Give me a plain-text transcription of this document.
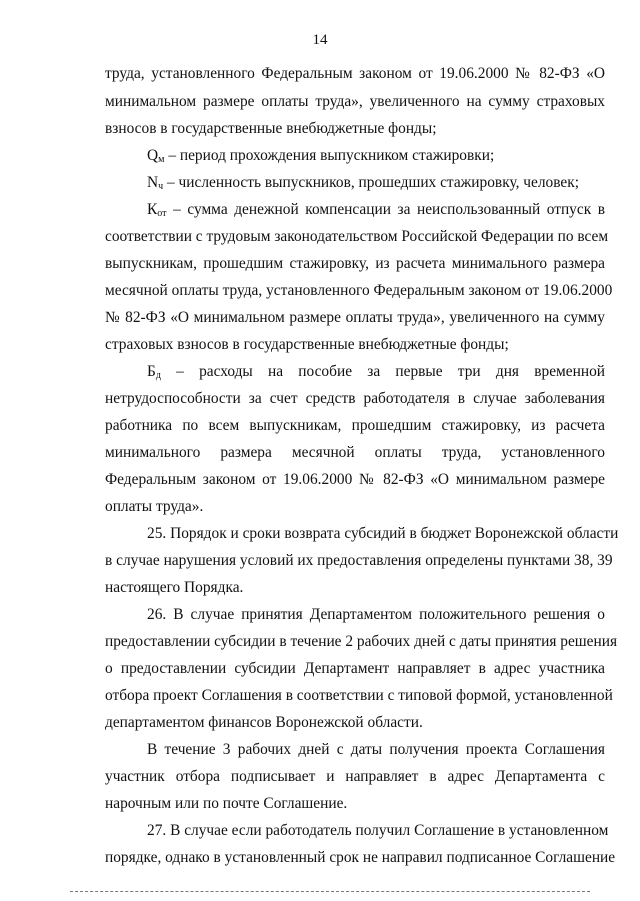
14
труда, установленного Федеральным законом от 19.06.2000 № 82-ФЗ «О
минимальном размере оплаты труда», увеличенного на сумму страховых
взносов в государственные внебюджетные фонды;
$Q_м$ – период прохождения выпускником стажировки;
$N_ч$ – численность выпускников, прошедших стажировку, человек;
$К_{от}$ – сумма денежной компенсации за неиспользованный отпуск в
соответствии с трудовым законодательством Российской Федерации по всем
выпускникам, прошедшим стажировку, из расчета минимального размера
месячной оплаты труда, установленного Федеральным законом от 19.06.2000
№ 82-ФЗ «О минимальном размере оплаты труда», увеличенного на сумму
страховых взносов в государственные внебюджетные фонды;
$Б_д$ – расходы на пособие за первые три дня временной
нетрудоспособности за счет средств работодателя в случае заболевания
работника по всем выпускникам, прошедшим стажировку, из расчета
минимального размера месячной оплаты труда, установленного
Федеральным законом от 19.06.2000 № 82-ФЗ «О минимальном размере
оплаты труда».
25. Порядок и сроки возврата субсидий в бюджет Воронежской области
в случае нарушения условий их предоставления определены пунктами 38, 39
настоящего Порядка.
26. В случае принятия Департаментом положительного решения о
предоставлении субсидии в течение 2 рабочих дней с даты принятия решения
о предоставлении субсидии Департамент направляет в адрес участника
отбора проект Соглашения в соответствии с типовой формой, установленной
департаментом финансов Воронежской области.
В течение 3 рабочих дней с даты получения проекта Соглашения
участник отбора подписывает и направляет в адрес Департамента с
нарочным или по почте Соглашение.
27. В случае если работодатель получил Соглашение в установленном
порядке, однако в установленный срок не направил подписанное Соглашение
